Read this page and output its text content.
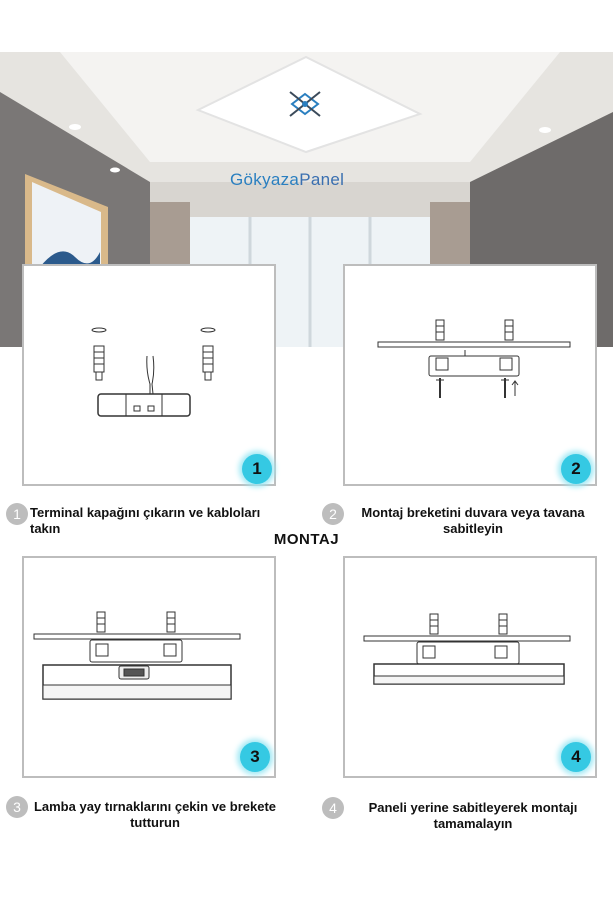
GökyazaPanel
1	2
1 Terminal kapağını çıkarın ve kabloları takın
2	Montaj breketini duvara veya tavana sabitleyin
MONTAJ
3	4
3	Lamba yay tırnaklarını çekin ve brekete tutturun
4	Paneli yerine sabitleyerek montajı tamamalayın
